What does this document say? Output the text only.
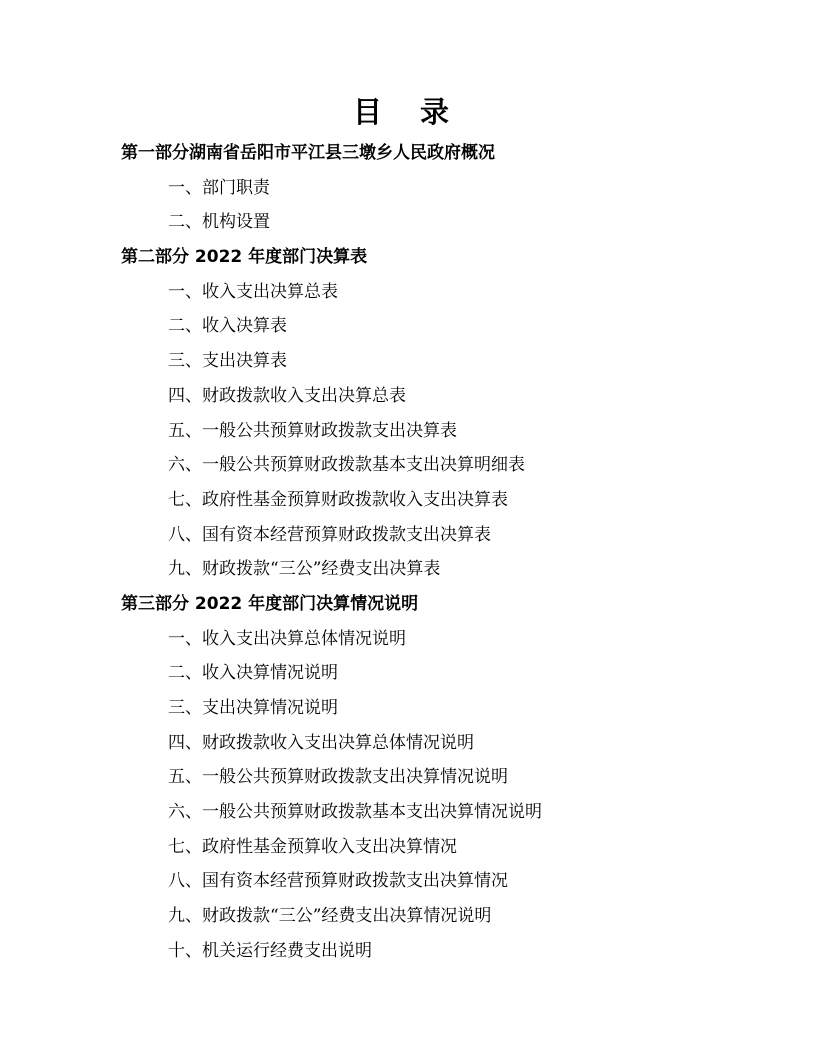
目 录
第一部分湖南省岳阳市平江县三墩乡人民政府概况
一、部门职责
二、机构设置
第二部分 2022 年度部门决算表
一、收入支出决算总表
二、收入决算表
三、支出决算表
四、财政拨款收入支出决算总表
五、一般公共预算财政拨款支出决算表
六、一般公共预算财政拨款基本支出决算明细表
七、政府性基金预算财政拨款收入支出决算表
八、国有资本经营预算财政拨款支出决算表
九、财政拨款“三公”经费支出决算表
第三部分 2022 年度部门决算情况说明
一、收入支出决算总体情况说明
二、收入决算情况说明
三、支出决算情况说明
四、财政拨款收入支出决算总体情况说明
五、一般公共预算财政拨款支出决算情况说明
六、一般公共预算财政拨款基本支出决算情况说明
七、政府性基金预算收入支出决算情况
八、国有资本经营预算财政拨款支出决算情况
九、财政拨款“三公”经费支出决算情况说明
十、机关运行经费支出说明
